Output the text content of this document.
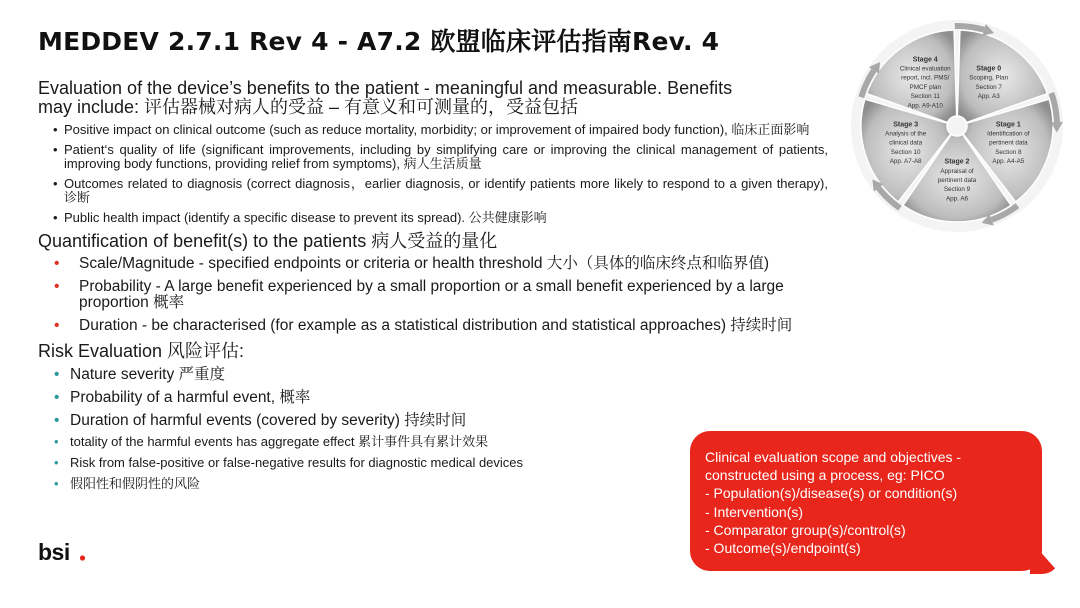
MEDDEV 2.7.1 Rev 4 - A7.2 欧盟临床评估指南Rev. 4

Evaluation of the device’s benefits to the patient - meaningful and measurable. Benefits
may include: 评估器械对病人的受益 – 有意义和可测量的，受益包括

• Positive impact on clinical outcome (such as reduce mortality, morbidity; or improvement of impaired body function), 临床正面影响
• Patient‘s quality of life (significant improvements, including by simplifying care or improving the clinical management of patients, improving body functions, providing relief from symptoms), 病人生活质量
• Outcomes related to diagnosis (correct diagnosis，earlier diagnosis, or identify patients more likely to respond to a given therapy), 诊断
• Public health impact (identify a specific disease to prevent its spread). 公共健康影响

Quantification of benefit(s) to the patients 病人受益的量化

• Scale/Magnitude - specified endpoints or criteria or health threshold 大小（具体的临床终点和临界值)
• Probability - A large benefit experienced by a small proportion or a small benefit experienced by a large proportion 概率
• Duration - be characterised (for example as a statistical distribution and statistical approaches) 持续时间

Risk Evaluation 风险评估:

• Nature severity 严重度
• Probability of a harmful event, 概率
• Duration of harmful events (covered by severity) 持续时间
• totality of the harmful events has aggregate effect 累计事件具有累计效果
• Risk from false-positive or false-negative results for diagnostic medical devices
• 假阳性和假阴性的风险
Stage 0
Scoping, Plan
Section 7
App. A3
Stage 1
Identification of
pertinent data
Section 8
App. A4-A5
Stage 2
Appraisal of
pertinent data
Section 9
App. A6
Stage 3
Analysis of the
clinical data
Section 10
App. A7-A8
Stage 4
Clinical evaluation
report, incl. PMS/
PMCF plan
Section 11
App. A9-A10
Clinical evaluation scope and objectives -
constructed using a process, eg: PICO
- Population(s)/disease(s) or condition(s)
- Intervention(s)
- Comparator group(s)/control(s)
- Outcome(s)/endpoint(s)
bsi
